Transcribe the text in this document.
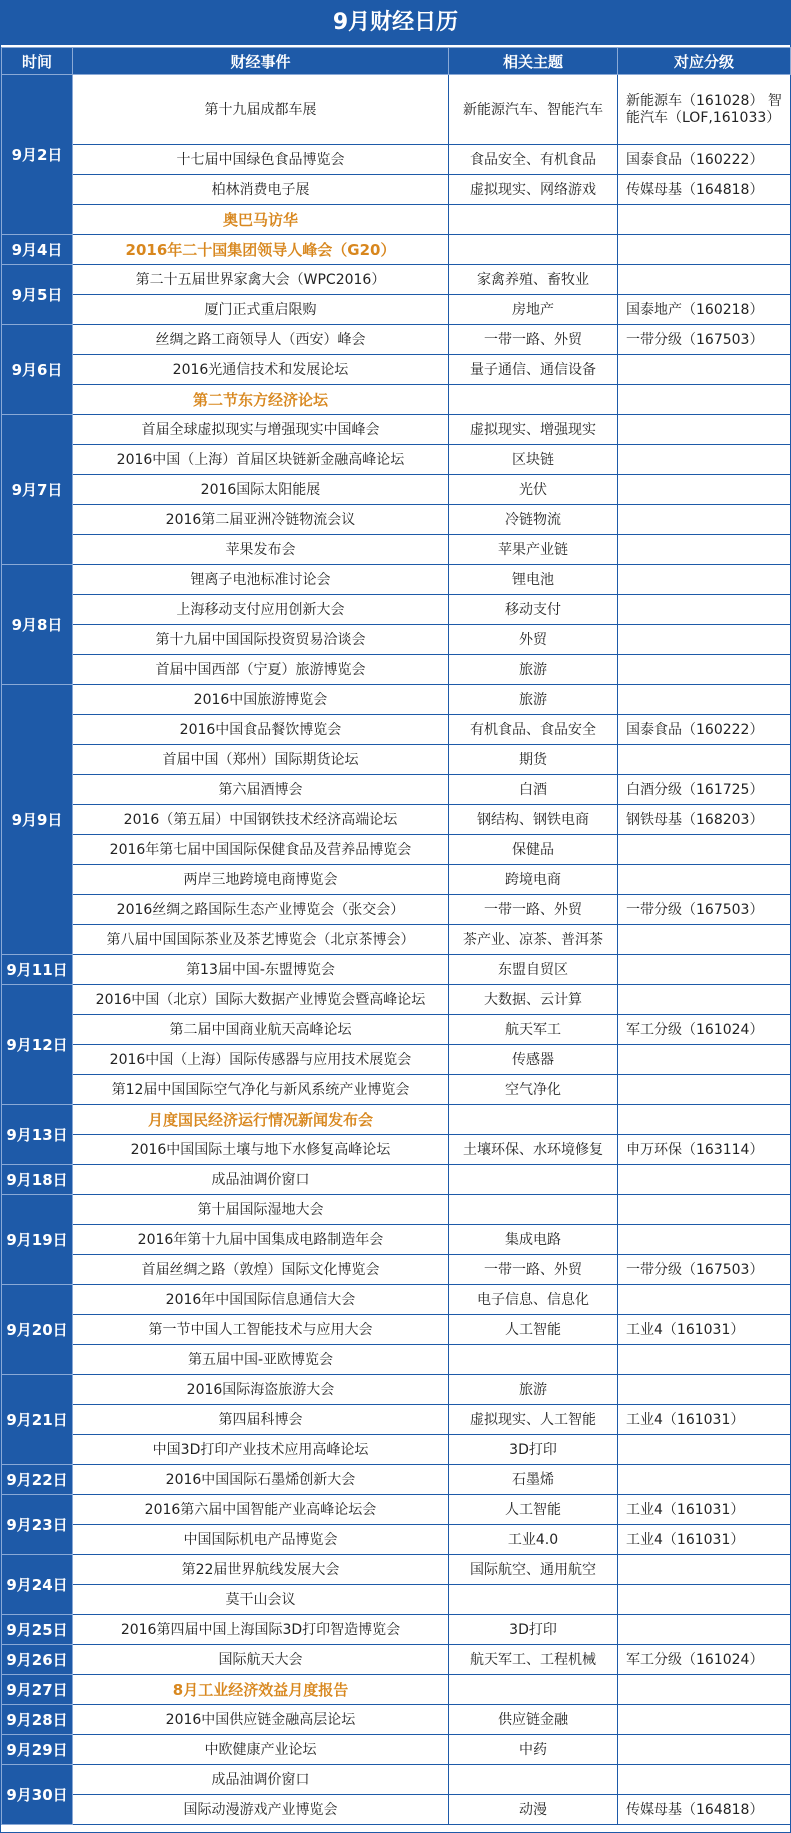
9月财经日历
时间	财经事件	相关主题	对应分级
9月2日	第十九届成都车展	新能源汽车、智能汽车	新能源车（161028） 智能汽车（LOF,161033）
	十七届中国绿色食品博览会	食品安全、有机食品	国泰食品（160222）
	柏林消费电子展	虚拟现实、网络游戏	传媒母基（164818）
	奥巴马访华		
9月4日	2016年二十国集团领导人峰会（G20）		
9月5日	第二十五届世界家禽大会（WPC2016）	家禽养殖、畜牧业	
	厦门正式重启限购	房地产	国泰地产（160218）
9月6日	丝绸之路工商领导人（西安）峰会	一带一路、外贸	一带分级（167503）
	2016光通信技术和发展论坛	量子通信、通信设备	
	第二节东方经济论坛		
9月7日	首届全球虚拟现实与增强现实中国峰会	虚拟现实、增强现实	
	2016中国（上海）首届区块链新金融高峰论坛	区块链	
	2016国际太阳能展	光伏	
	2016第二届亚洲冷链物流会议	冷链物流	
	苹果发布会	苹果产业链	
9月8日	锂离子电池标准讨论会	锂电池	
	上海移动支付应用创新大会	移动支付	
	第十九届中国国际投资贸易洽谈会	外贸	
	首届中国西部（宁夏）旅游博览会	旅游	
9月9日	2016中国旅游博览会	旅游	
	2016中国食品餐饮博览会	有机食品、食品安全	国泰食品（160222）
	首届中国（郑州）国际期货论坛	期货	
	第六届酒博会	白酒	白酒分级（161725）
	2016（第五届）中国钢铁技术经济高端论坛	钢结构、钢铁电商	钢铁母基（168203）
	2016年第七届中国国际保健食品及营养品博览会	保健品	
	两岸三地跨境电商博览会	跨境电商	
	2016丝绸之路国际生态产业博览会（张交会）	一带一路、外贸	一带分级（167503）
	第八届中国国际茶业及茶艺博览会（北京茶博会）	茶产业、凉茶、普洱茶	
9月11日	第13届中国-东盟博览会	东盟自贸区	
9月12日	2016中国（北京）国际大数据产业博览会暨高峰论坛	大数据、云计算	
	第二届中国商业航天高峰论坛	航天军工	军工分级（161024）
	2016中国（上海）国际传感器与应用技术展览会	传感器	
	第12届中国国际空气净化与新风系统产业博览会	空气净化	
9月13日	月度国民经济运行情况新闻发布会		
	2016中国国际土壤与地下水修复高峰论坛	土壤环保、水环境修复	申万环保（163114）
9月18日	成品油调价窗口		
9月19日	第十届国际湿地大会		
	2016年第十九届中国集成电路制造年会	集成电路	
	首届丝绸之路（敦煌）国际文化博览会	一带一路、外贸	一带分级（167503）
9月20日	2016年中国国际信息通信大会	电子信息、信息化	
	第一节中国人工智能技术与应用大会	人工智能	工业4（161031）
	第五届中国-亚欧博览会		
9月21日	2016国际海盗旅游大会	旅游	
	第四届科博会	虚拟现实、人工智能	工业4（161031）
	中国3D打印产业技术应用高峰论坛	3D打印	
9月22日	2016中国国际石墨烯创新大会	石墨烯	
9月23日	2016第六届中国智能产业高峰论坛会	人工智能	工业4（161031）
	中国国际机电产品博览会	工业4.0	工业4（161031）
9月24日	第22届世界航线发展大会	国际航空、通用航空	
	莫干山会议		
9月25日	2016第四届中国上海国际3D打印智造博览会	3D打印	
9月26日	国际航天大会	航天军工、工程机械	军工分级（161024）
9月27日	8月工业经济效益月度报告		
9月28日	2016中国供应链金融高层论坛	供应链金融	
9月29日	中欧健康产业论坛	中药	
9月30日	成品油调价窗口		
	国际动漫游戏产业博览会	动漫	传媒母基（164818）
